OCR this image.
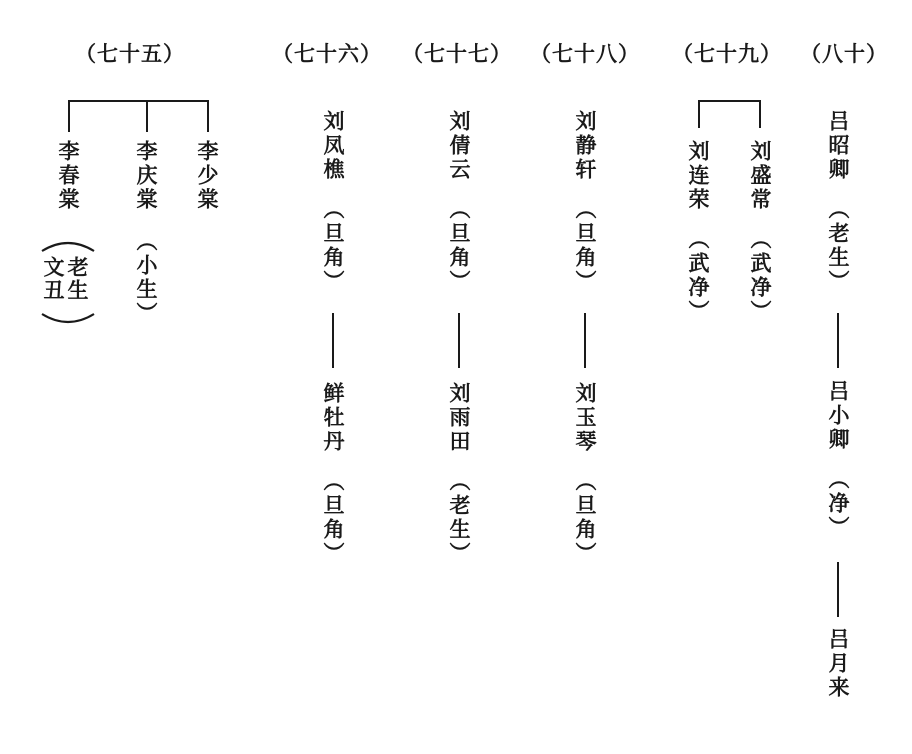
（七十五）	（七十六） （七十七） （七十八） （七十九） （八十）
李春棠	李庆棠 李少棠
老生
文丑	（小生）
刘凤樵
（旦角）
鲜牡丹
（旦角）
刘倩云
（旦角）
刘雨田
（老生）
刘静轩
（旦角）
刘玉琴
（旦角）
刘连荣
（武净）
刘盛常
（武净）
吕昭卿
（老生）
吕小卿
（净）
吕月来
